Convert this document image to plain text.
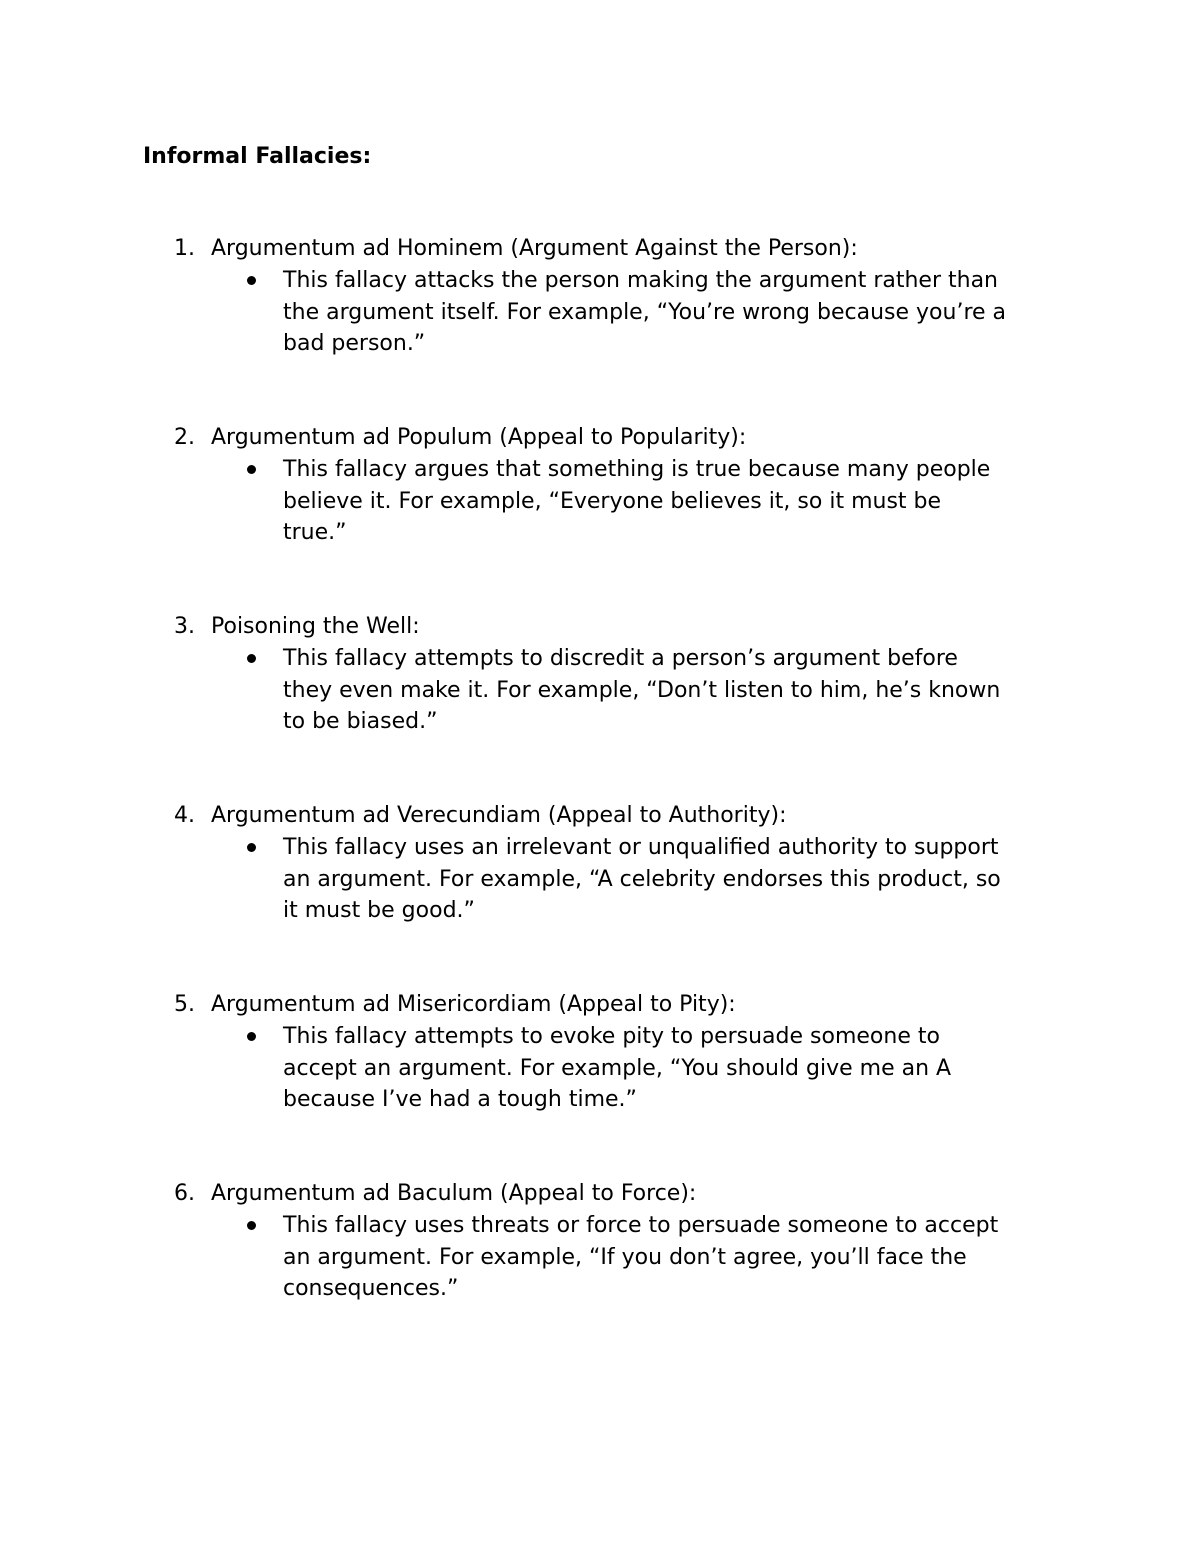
Informal Fallacies:
1. Argumentum ad Hominem (Argument Against the Person):
This fallacy attacks the person making the argument rather than
the argument itself. For example, “You’re wrong because you’re a
bad person.”
2. Argumentum ad Populum (Appeal to Popularity):
This fallacy argues that something is true because many people
believe it. For example, “Everyone believes it, so it must be
true.”
3. Poisoning the Well:
This fallacy attempts to discredit a person’s argument before
they even make it. For example, “Don’t listen to him, he’s known
to be biased.”
4. Argumentum ad Verecundiam (Appeal to Authority):
This fallacy uses an irrelevant or unqualified authority to support
an argument. For example, “A celebrity endorses this product, so
it must be good.”
5. Argumentum ad Misericordiam (Appeal to Pity):
This fallacy attempts to evoke pity to persuade someone to
accept an argument. For example, “You should give me an A
because I’ve had a tough time.”
6. Argumentum ad Baculum (Appeal to Force):
This fallacy uses threats or force to persuade someone to accept
an argument. For example, “If you don’t agree, you’ll face the
consequences.”
